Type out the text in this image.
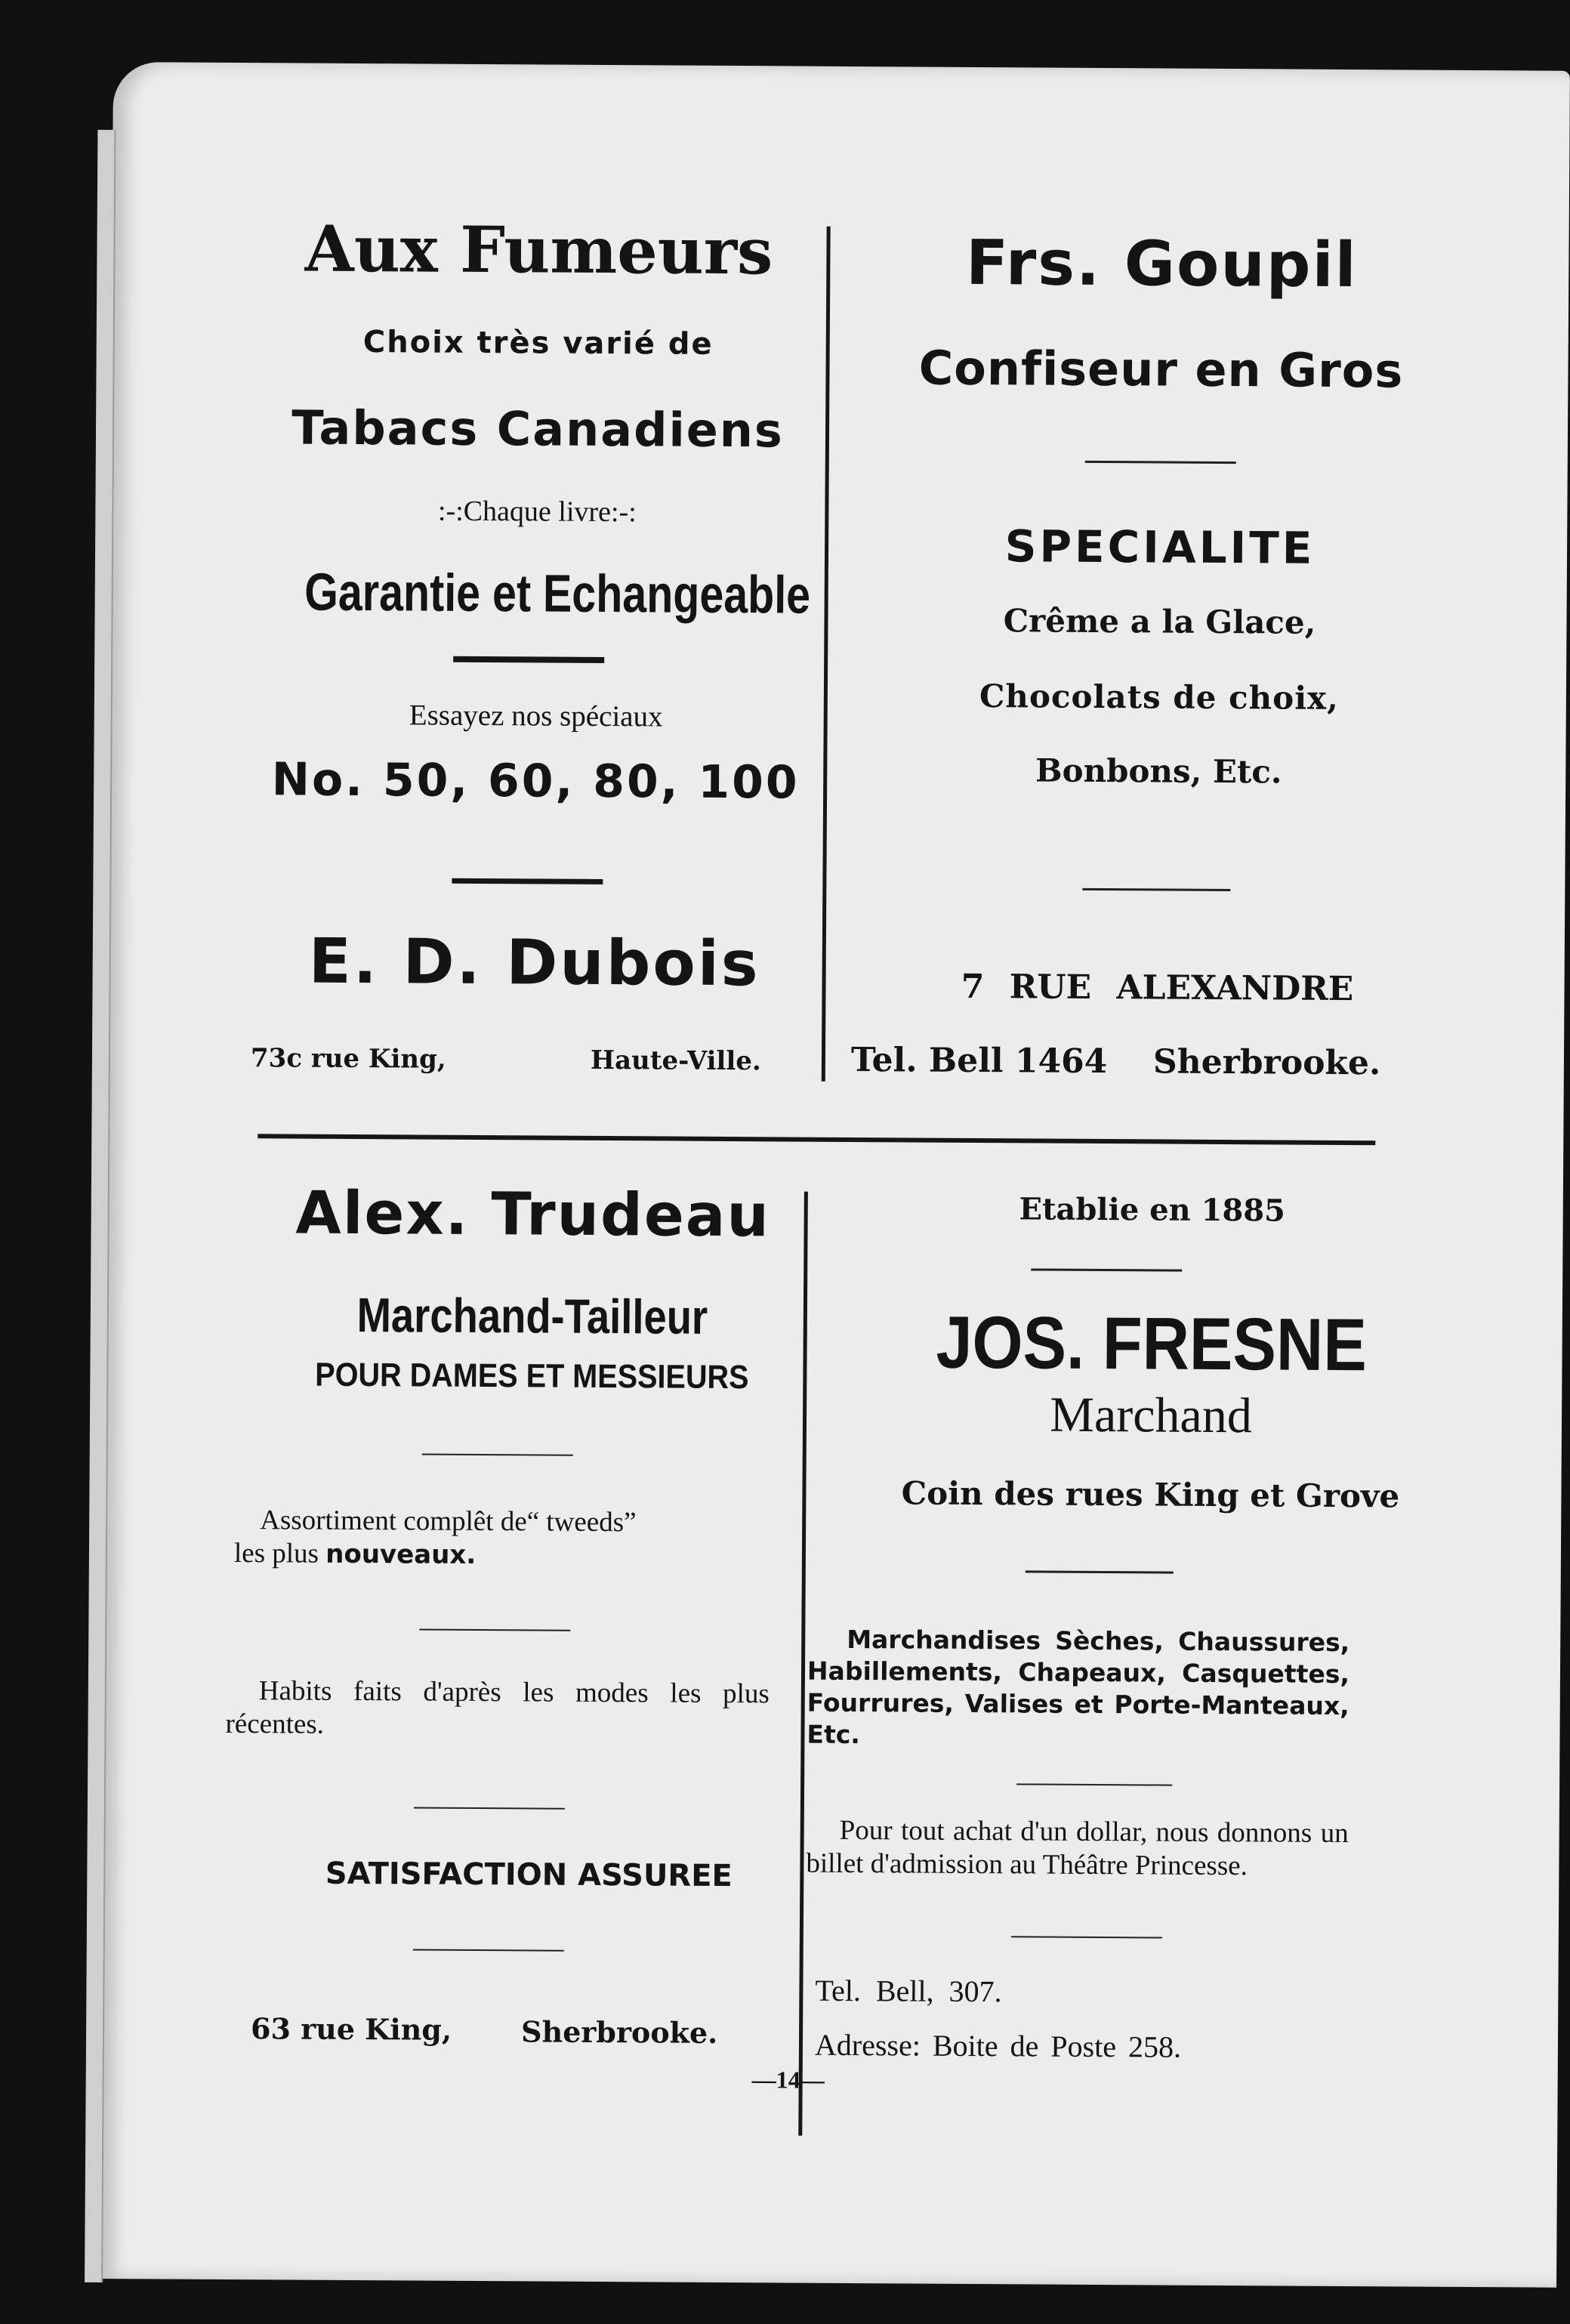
Aux Fumeurs
Choix très varié de
Tabacs Canadiens
:-:Chaque livre:-:
Garantie et Echangeable
Essayez nos spéciaux
No. 50, 60, 80, 100
E. D. Dubois
73c rue King,	Haute-Ville.
Frs. Goupil
Confiseur en Gros
SPECIALITE
Crême a la Glace,
Chocolats de choix,
Bonbons, Etc.
7 RUE ALEXANDRE
Tel. Bell 1464 Sherbrooke.
Alex. Trudeau
Marchand-Tailleur
POUR DAMES ET MESSIEURS
Assortiment complêt de“ tweeds”
les plus nouveaux.
Habits faits d'après les modes les plus récentes.
SATISFACTION ASSUREE
63 rue King, Sherbrooke.
Etablie en 1885
JOS. FRESNE
Marchand
Coin des rues King et Grove
Marchandises Sèches, Chaussures, Habillements, Chapeaux, Casquettes, Fourrures, Valises et Porte-Manteaux, Etc.
Pour tout achat d'un dollar, nous donnons un billet d'admission au Théâtre Princesse.
Tel. Bell, 307.
Adresse: Boite de Poste 258.
—14—
